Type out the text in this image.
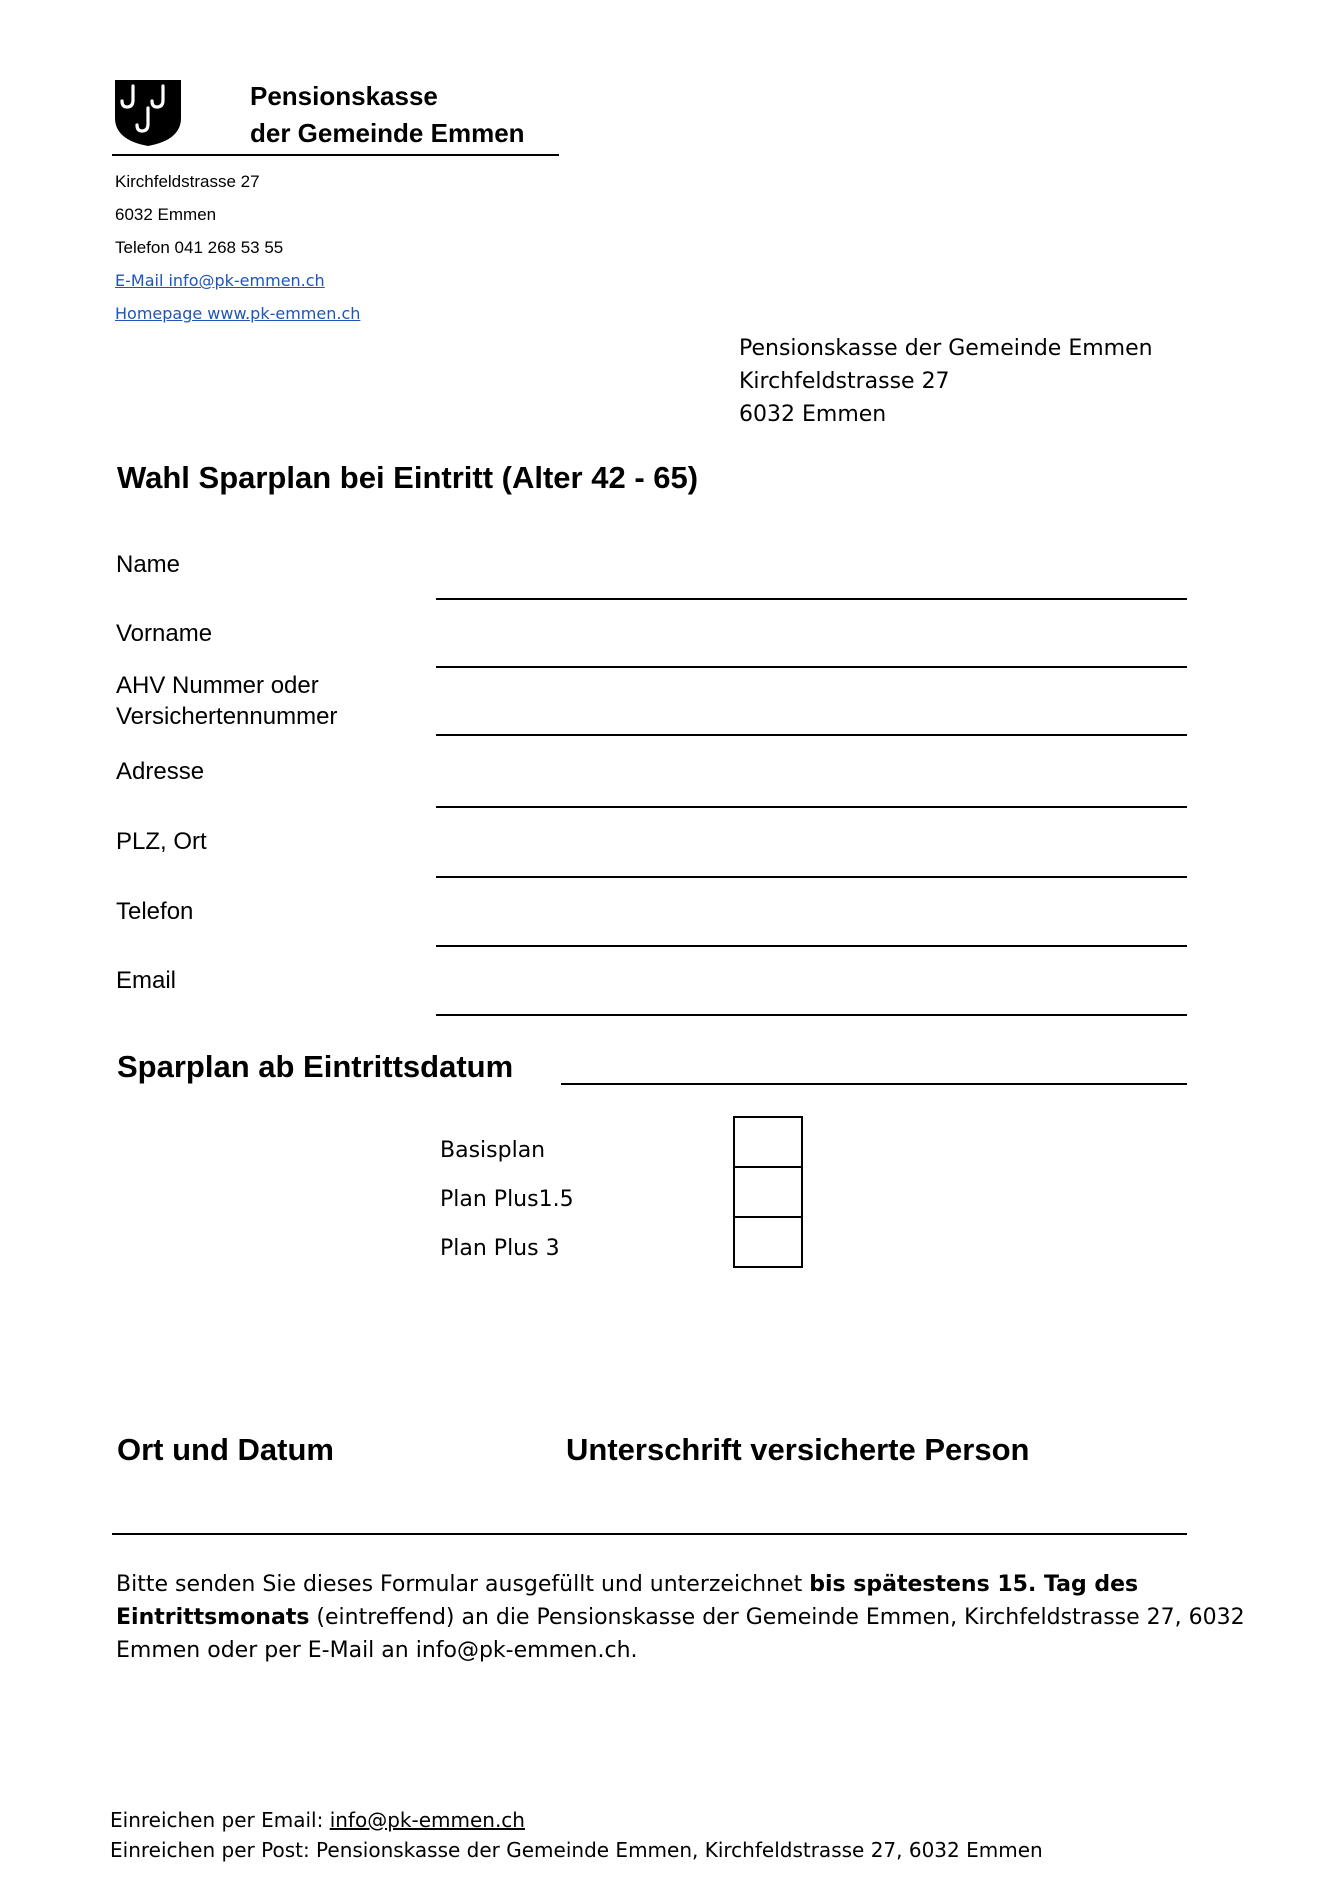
Pensionskasse
der Gemeinde Emmen
Kirchfeldstrasse 27
6032 Emmen
Telefon 041 268 53 55
E-Mail info@pk-emmen.ch
Homepage www.pk-emmen.ch
Pensionskasse der Gemeinde Emmen
Kirchfeldstrasse 27
6032 Emmen
Wahl Sparplan bei Eintritt (Alter 42 - 65)
Name
Vorname
AHV Nummer oder
Versichertennummer
Adresse
PLZ, Ort
Telefon
Email
Sparplan ab Eintrittsdatum
Basisplan
Plan Plus1.5
Plan Plus 3
Ort und Datum	Unterschrift versicherte Person
Bitte senden Sie dieses Formular ausgefüllt und unterzeichnet bis spätestens 15. Tag des
Eintrittsmonats (eintreffend) an die Pensionskasse der Gemeinde Emmen, Kirchfeldstrasse 27, 6032
Emmen oder per E-Mail an info@pk-emmen.ch.
Einreichen per Email: info@pk-emmen.ch
Einreichen per Post: Pensionskasse der Gemeinde Emmen, Kirchfeldstrasse 27, 6032 Emmen
